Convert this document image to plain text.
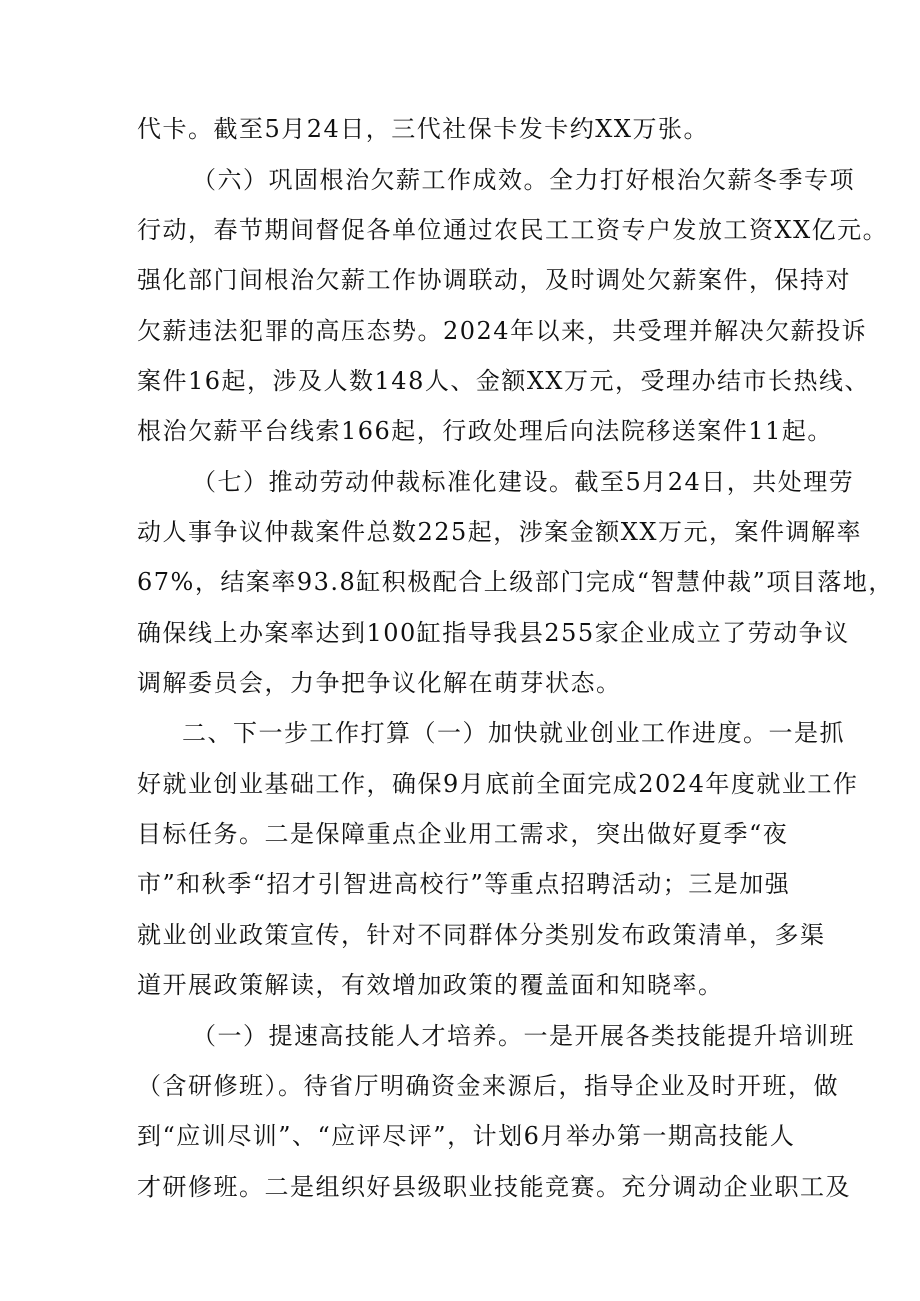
代卡。截至5月24日，三代社保卡发卡约XX万张。
（六）巩固根治欠薪工作成效。全力打好根治欠薪冬季专项
行动，春节期间督促各单位通过农民工工资专户发放工资XX亿元。
强化部门间根治欠薪工作协调联动，及时调处欠薪案件，保持对
欠薪违法犯罪的高压态势。2024年以来，共受理并解决欠薪投诉
案件16起，涉及人数148人、金额XX万元，受理办结市长热线、
根治欠薪平台线索166起，行政处理后向法院移送案件11起。
（七）推动劳动仲裁标准化建设。截至5月24日，共处理劳
动人事争议仲裁案件总数225起，涉案金额XX万元，案件调解率
67%，结案率93.8缸积极配合上级部门完成“智慧仲裁”项目落地，
确保线上办案率达到100缸指导我县255家企业成立了劳动争议
调解委员会，力争把争议化解在萌芽状态。
二、下一步工作打算（一）加快就业创业工作进度。一是抓
好就业创业基础工作，确保9月底前全面完成2024年度就业工作
目标任务。二是保障重点企业用工需求，突出做好夏季“夜
市”和秋季“招才引智进高校行”等重点招聘活动；三是加强
就业创业政策宣传，针对不同群体分类别发布政策清单，多渠
道开展政策解读，有效增加政策的覆盖面和知晓率。
（一）提速高技能人才培养。一是开展各类技能提升培训班
（含研修班）。待省厅明确资金来源后，指导企业及时开班，做
到“应训尽训”、“应评尽评”，计划6月举办第一期高技能人
才研修班。二是组织好县级职业技能竞赛。充分调动企业职工及
